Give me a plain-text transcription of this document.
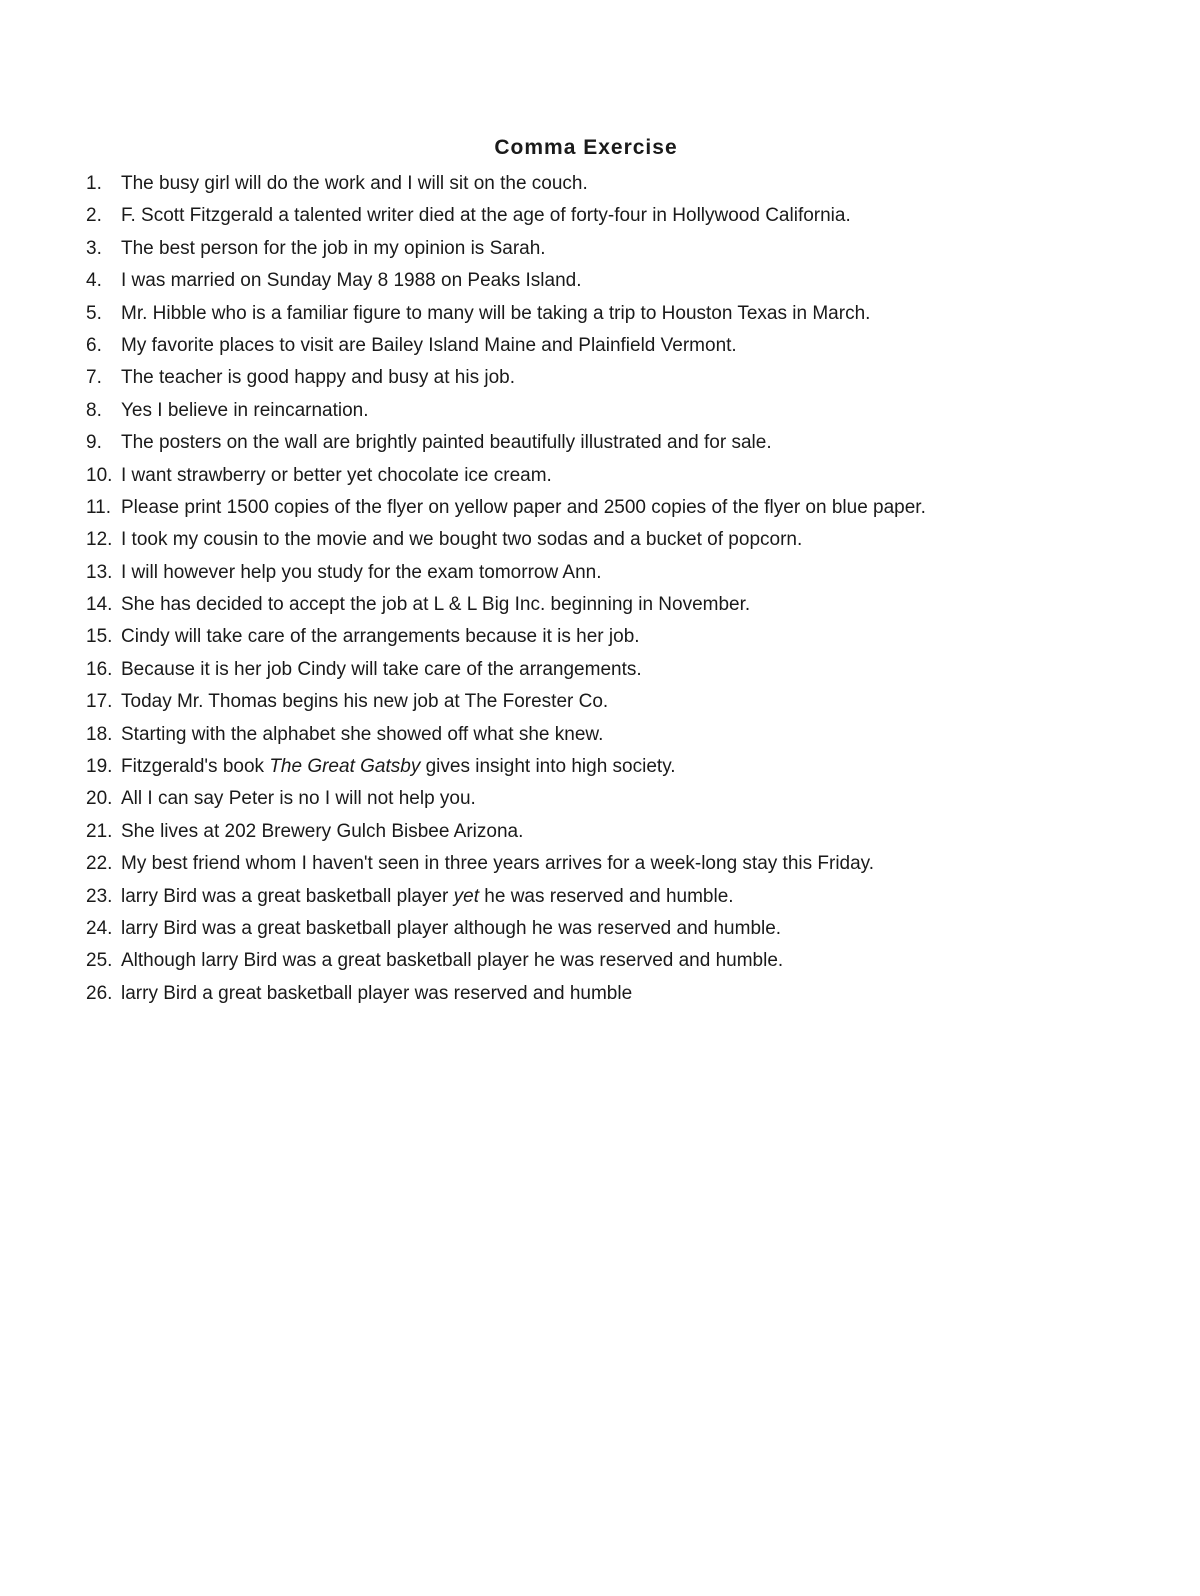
Comma Exercise
1.	The busy girl will do the work and I will sit on the couch.
2.	F. Scott Fitzgerald a talented writer died at the age of forty-four in Hollywood California.
3.	The best person for the job in my opinion is Sarah.
4.	I was married on Sunday May 8 1988 on Peaks Island.
5.	Mr. Hibble who is a familiar figure to many will be taking a trip to Houston Texas in March.
6.	My favorite places to visit are Bailey Island Maine and Plainfield Vermont.
7.	The teacher is good happy and busy at his job.
8.	Yes I believe in reincarnation.
9.	The posters on the wall are brightly painted beautifully illustrated and for sale.
10. I want strawberry or better yet chocolate ice cream.
11. Please print 1500 copies of the flyer on yellow paper and 2500 copies of the flyer on blue paper.
12. I took my cousin to the movie and we bought two sodas and a bucket of popcorn.
13. I will however help you study for the exam tomorrow Ann.
14. She has decided to accept the job at L & L Big Inc. beginning in November.
15. Cindy will take care of the arrangements because it is her job.
16. Because it is her job Cindy will take care of the arrangements.
17. Today Mr. Thomas begins his new job at The Forester Co.
18. Starting with the alphabet she showed off what she knew.
19. Fitzgerald's book The Great Gatsby gives insight into high society.
20. All I can say Peter is no I will not help you.
21. She lives at 202 Brewery Gulch Bisbee Arizona.
22. My best friend whom I haven't seen in three years arrives for a week-long stay this Friday.
23. larry Bird was a great basketball player yet he was reserved and humble.
24. larry Bird was a great basketball player although he was reserved and humble.
25. Although larry Bird was a great basketball player he was reserved and humble.
26. larry Bird a great basketball player was reserved and humble
